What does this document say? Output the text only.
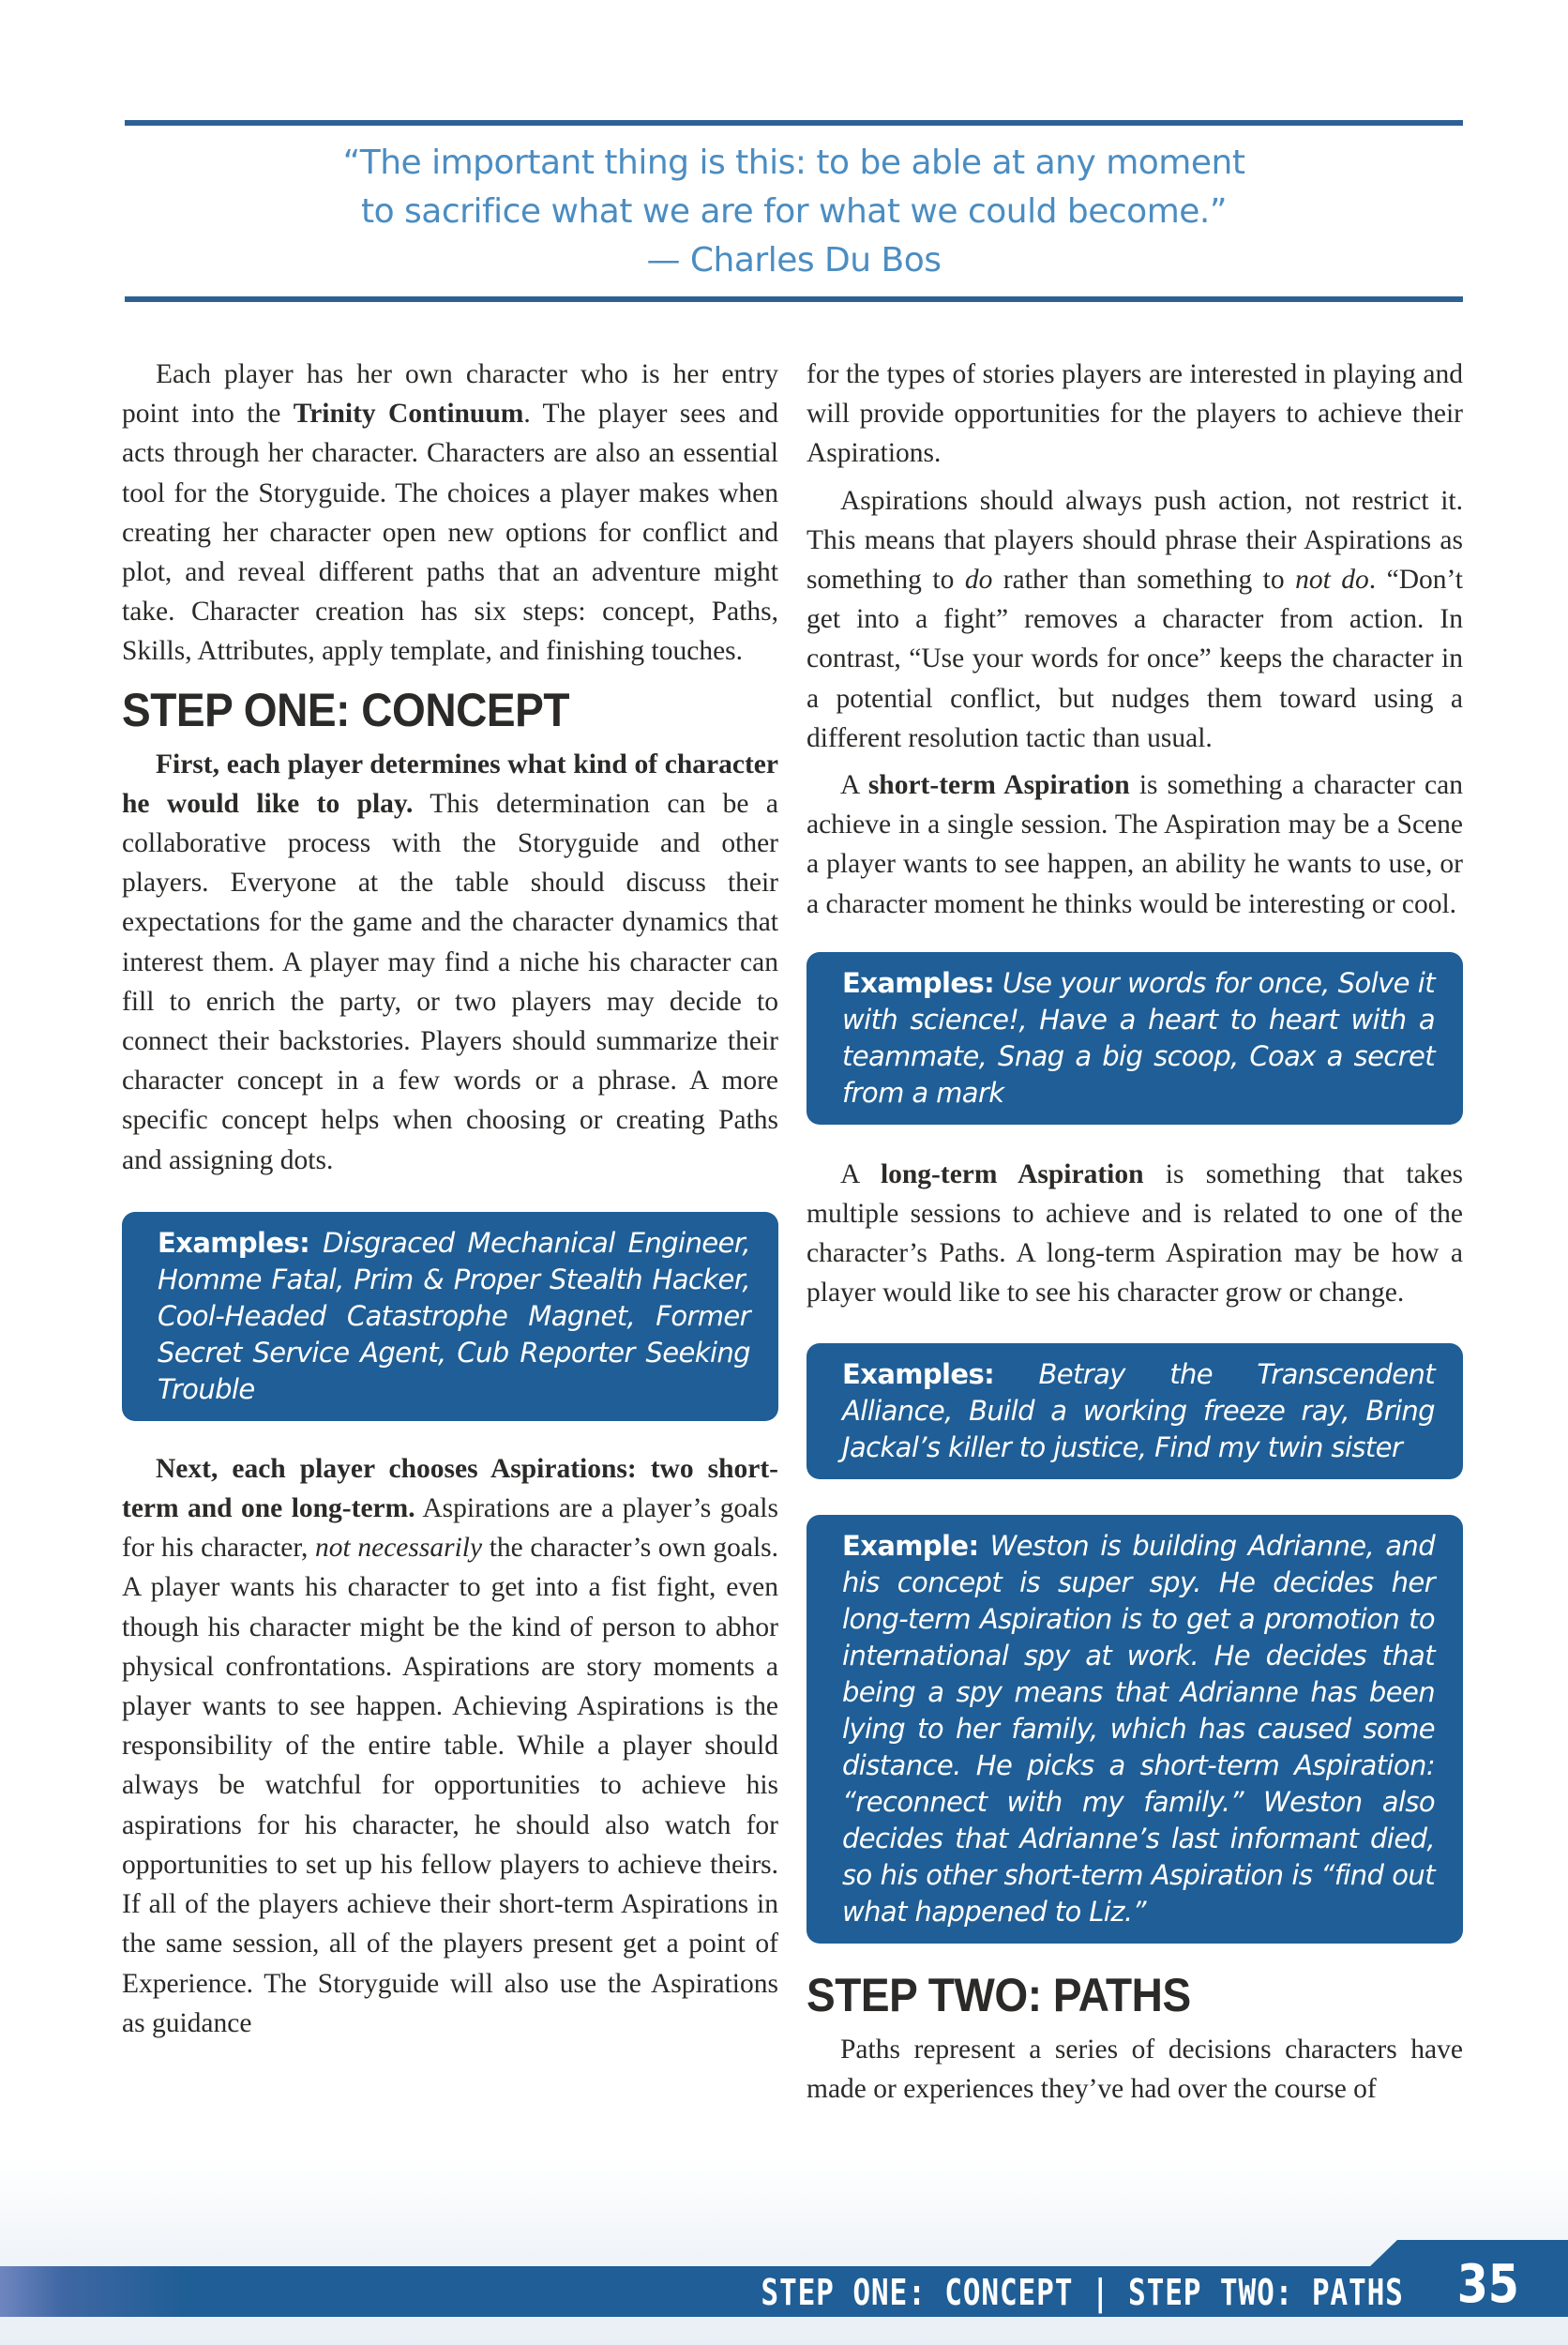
“The important thing is this: to be able at any moment
to sacrifice what we are for what we could become.”
— Charles Du Bos

Each player has her own character who is her entry point into the Trinity Continuum. The player sees and acts through her character. Characters are also an essential tool for the Storyguide. The choices a player makes when creating her character open new options for conflict and plot, and reveal different paths that an adventure might take. Character creation has six steps: concept, Paths, Skills, Attributes, apply template, and finishing touches.

STEP ONE: CONCEPT

First, each player determines what kind of character he would like to play. This determination can be a collaborative process with the Storyguide and other players. Everyone at the table should discuss their expectations for the game and the character dynamics that interest them. A player may find a niche his character can fill to enrich the party, or two players may decide to connect their backstories. Players should summarize their character concept in a few words or a phrase. A more specific concept helps when choosing or creating Paths and assigning dots.

Examples: Disgraced Mechanical Engineer, Homme Fatal, Prim & Proper Stealth Hacker, Cool-Headed Catastrophe Magnet, Former Secret Service Agent, Cub Reporter Seeking Trouble

Next, each player chooses Aspirations: two short-term and one long-term. Aspirations are a player’s goals for his character, not necessarily the character’s own goals. A player wants his character to get into a fist fight, even though his character might be the kind of person to abhor physical confrontations. Aspirations are story moments a player wants to see happen. Achieving Aspirations is the responsibility of the entire table. While a player should always be watchful for opportunities to achieve his aspirations for his character, he should also watch for opportunities to set up his fellow players to achieve theirs. If all of the players achieve their short-term Aspirations in the same session, all of the players present get a point of Experience. The Storyguide will also use the Aspirations as guidance

for the types of stories players are interested in playing and will provide opportunities for the players to achieve their Aspirations.

Aspirations should always push action, not restrict it. This means that players should phrase their Aspirations as something to do rather than something to not do. “Don’t get into a fight” removes a character from action. In contrast, “Use your words for once” keeps the character in a potential conflict, but nudges them toward using a different resolution tactic than usual.

A short-term Aspiration is something a character can achieve in a single session. The Aspiration may be a Scene a player wants to see happen, an ability he wants to use, or a character moment he thinks would be interesting or cool.

Examples: Use your words for once, Solve it with science!, Have a heart to heart with a teammate, Snag a big scoop, Coax a secret from a mark

A long-term Aspiration is something that takes multiple sessions to achieve and is related to one of the character’s Paths. A long-term Aspiration may be how a player would like to see his character grow or change.

Examples: Betray the Transcendent Alliance, Build a working freeze ray, Bring Jackal’s killer to justice, Find my twin sister
Example: Weston is building Adrianne, and his concept is super spy. He decides her long-term Aspiration is to get a promotion to international spy at work. He decides that being a spy means that Adrianne has been lying to her family, which has caused some distance. He picks a short-term Aspiration: “reconnect with my family.” Weston also decides that Adrianne’s last informant died, so his other short-term Aspiration is “find out what happened to Liz.”
STEP TWO: PATHS

Paths represent a series of decisions characters have made or experiences they’ve had over the course of

STEP ONE: CONCEPT | STEP TWO: PATHS 35
